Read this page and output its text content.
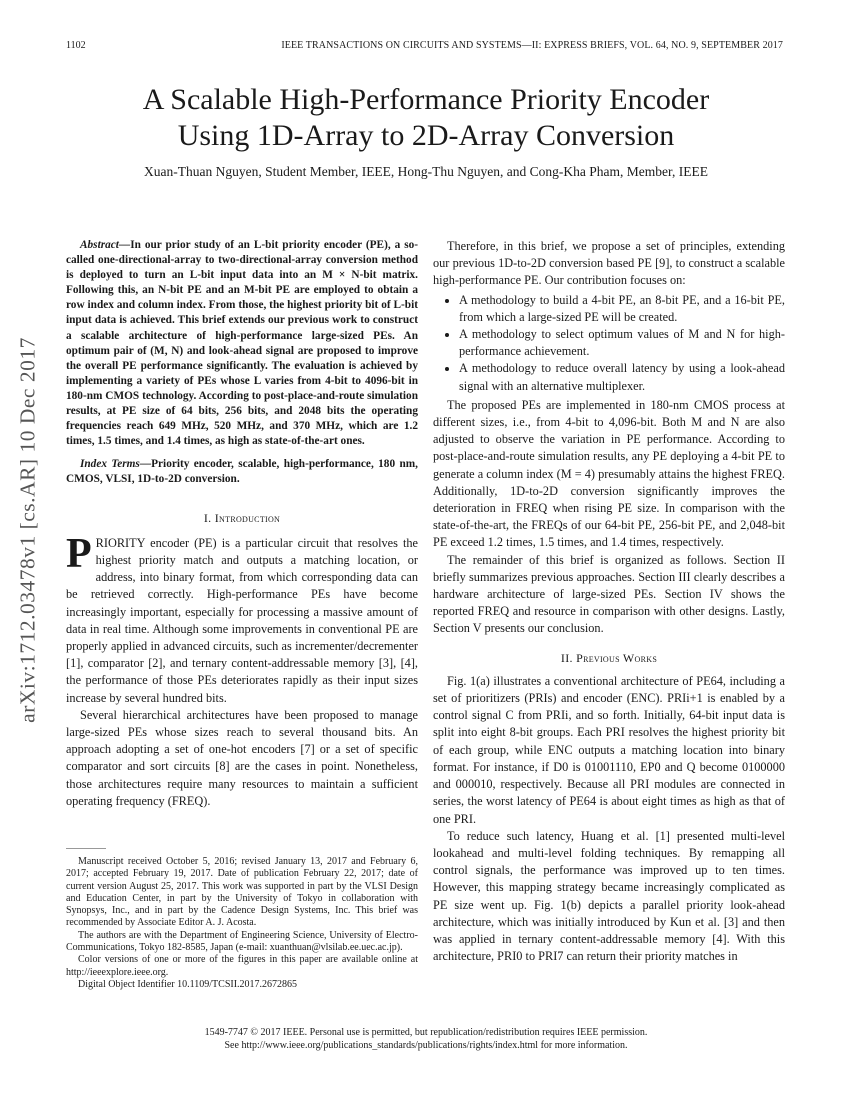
1102	IEEE TRANSACTIONS ON CIRCUITS AND SYSTEMS—II: EXPRESS BRIEFS, VOL. 64, NO. 9, SEPTEMBER 2017
arXiv:1712.03478v1 [cs.AR] 10 Dec 2017
A Scalable High-Performance Priority Encoder
Using 1D-Array to 2D-Array Conversion
Xuan-Thuan Nguyen, Student Member, IEEE, Hong-Thu Nguyen, and Cong-Kha Pham, Member, IEEE

Abstract—In our prior study of an L-bit priority encoder (PE), a so-called one-directional-array to two-directional-array conversion method is deployed to turn an L-bit input data into an M × N-bit matrix. Following this, an N-bit PE and an M-bit PE are employed to obtain a row index and column index. From those, the highest priority bit of L-bit input data is achieved. This brief extends our previous work to construct a scalable architecture of high-performance large-sized PEs. An optimum pair of (M, N) and look-ahead signal are proposed to improve the overall PE performance significantly. The evaluation is achieved by implementing a variety of PEs whose L varies from 4-bit to 4096-bit in 180-nm CMOS technology. According to post-place-and-route simulation results, at PE size of 64 bits, 256 bits, and 2048 bits the operating frequencies reach 649 MHz, 520 MHz, and 370 MHz, which are 1.2 times, 1.5 times, and 1.4 times, as high as state-of-the-art ones.

Index Terms—Priority encoder, scalable, high-performance, 180 nm, CMOS, VLSI, 1D-to-2D conversion.

I. Introduction

PRIORITY encoder (PE) is a particular circuit that resolves the highest priority match and outputs a matching location, or address, into binary format, from which corresponding data can be retrieved correctly. High-performance PEs have become increasingly important, especially for processing a massive amount of data in real time. Although some improvements in conventional PE are properly applied in advanced circuits, such as incrementer/decrementer [1], comparator [2], and ternary content-addressable memory [3], [4], the performance of those PEs deteriorates rapidly as their input sizes increase by several hundred bits.

Several hierarchical architectures have been proposed to manage large-sized PEs whose sizes reach to several thousand bits. An approach adopting a set of one-hot encoders [7] or a set of specific comparator and sort circuits [8] are the cases in point. Nonetheless, those architectures require many resources to maintain a sufficient operating frequency (FREQ).

Manuscript received October 5, 2016; revised January 13, 2017 and February 6, 2017; accepted February 19, 2017. Date of publication February 22, 2017; date of current version August 25, 2017. This work was supported in part by the VLSI Design and Education Center, in part by the University of Tokyo in collaboration with Synopsys, Inc., and in part by the Cadence Design Systems, Inc. This brief was recommended by Associate Editor A. J. Acosta.

The authors are with the Department of Engineering Science, University of Electro-Communications, Tokyo 182-8585, Japan (e-mail: xuanthuan@vlsilab.ee.uec.ac.jp).

Color versions of one or more of the figures in this paper are available online at http://ieeexplore.ieee.org.

Digital Object Identifier 10.1109/TCSII.2017.2672865

Therefore, in this brief, we propose a set of principles, extending our previous 1D-to-2D conversion based PE [9], to construct a scalable high-performance PE. Our contribution focuses on:

• A methodology to build a 4-bit PE, an 8-bit PE, and a 16-bit PE, from which a large-sized PE will be created.
• A methodology to select optimum values of M and N for high-performance achievement.
• A methodology to reduce overall latency by using a look-ahead signal with an alternative multiplexer.

The proposed PEs are implemented in 180-nm CMOS process at different sizes, i.e., from 4-bit to 4,096-bit. Both M and N are also adjusted to observe the variation in PE performance. According to post-place-and-route simulation results, any PE deploying a 4-bit PE to generate a column index (M = 4) presumably attains the highest FREQ. Additionally, 1D-to-2D conversion significantly improves the deterioration in FREQ when rising PE size. In comparison with the state-of-the-art, the FREQs of our 64-bit PE, 256-bit PE, and 2,048-bit PE exceed 1.2 times, 1.5 times, and 1.4 times, respectively.

The remainder of this brief is organized as follows. Section II briefly summarizes previous approaches. Section III clearly describes a hardware architecture of large-sized PEs. Section IV shows the reported FREQ and resource in comparison with other designs. Lastly, Section V presents our conclusion.

II. Previous Works

Fig. 1(a) illustrates a conventional architecture of PE64, including a set of prioritizers (PRIs) and encoder (ENC). PRIi+1 is enabled by a control signal C from PRIi, and so forth. Initially, 64-bit input data is split into eight 8-bit groups. Each PRI resolves the highest priority bit of each group, while ENC outputs a matching location into binary format. For instance, if D0 is 01001110, EP0 and Q become 0100000 and 000010, respectively. Because all PRI modules are connected in series, the worst latency of PE64 is about eight times as high as that of one PRI.

To reduce such latency, Huang et al. [1] presented multi-level lookahead and multi-level folding techniques. By remapping all control signals, the performance was improved up to ten times. However, this mapping strategy became increasingly complicated as PE size went up. Fig. 1(b) depicts a parallel priority look-ahead architecture, which was initially introduced by Kun et al. [3] and then was applied in ternary content-addressable memory [4]. With this architecture, PRI0 to PRI7 can return their priority matches in

1549-7747 © 2017 IEEE. Personal use is permitted, but republication/redistribution requires IEEE permission.
See http://www.ieee.org/publications_standards/publications/rights/index.html for more information.
